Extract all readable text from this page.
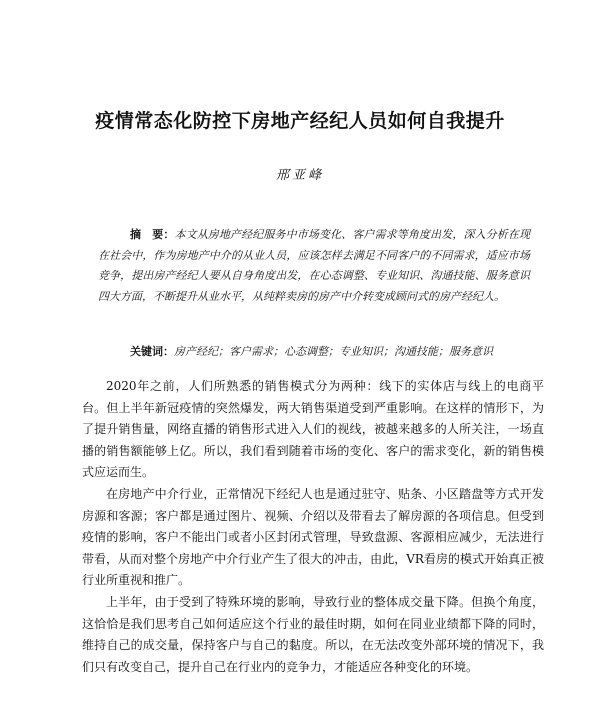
疫情常态化防控下房地产经纪人员如何自我提升
邢亚峰

摘　要：本文从房地产经纪服务中市场变化、客户需求等角度出发，深入分析在现在社会中，作为房地产中介的从业人员，应该怎样去满足不同客户的不同需求，适应市场竞争，提出房产经纪人要从自身角度出发，在心态调整、专业知识、沟通技能、服务意识四大方面，不断提升从业水平，从纯粹卖房的房产中介转变成顾问式的房产经纪人。

关键词：房产经纪；客户需求；心态调整；专业知识；沟通技能；服务意识

2020年之前，人们所熟悉的销售模式分为两种：线下的实体店与线上的电商平台。但上半年新冠疫情的突然爆发，两大销售渠道受到严重影响。在这样的情形下，为了提升销售量，网络直播的销售形式进入人们的视线，被越来越多的人所关注，一场直播的销售额能够上亿。所以，我们看到随着市场的变化、客户的需求变化，新的销售模式应运而生。

在房地产中介行业，正常情况下经纪人也是通过驻守、贴条、小区踏盘等方式开发房源和客源；客户都是通过图片、视频、介绍以及带看去了解房源的各项信息。但受到疫情的影响，客户不能出门或者小区封闭式管理，导致盘源、客源相应减少，无法进行带看，从而对整个房地产中介行业产生了很大的冲击，由此，VR看房的模式开始真正被行业所重视和推广。

上半年，由于受到了特殊环境的影响，导致行业的整体成交量下降。但换个角度，这恰恰是我们思考自己如何适应这个行业的最佳时期，如何在同业业绩都下降的同时，维持自己的成交量，保持客户与自己的黏度。所以，在无法改变外部环境的情况下，我们只有改变自己，提升自己在行业内的竞争力，才能适应各种变化的环境。
